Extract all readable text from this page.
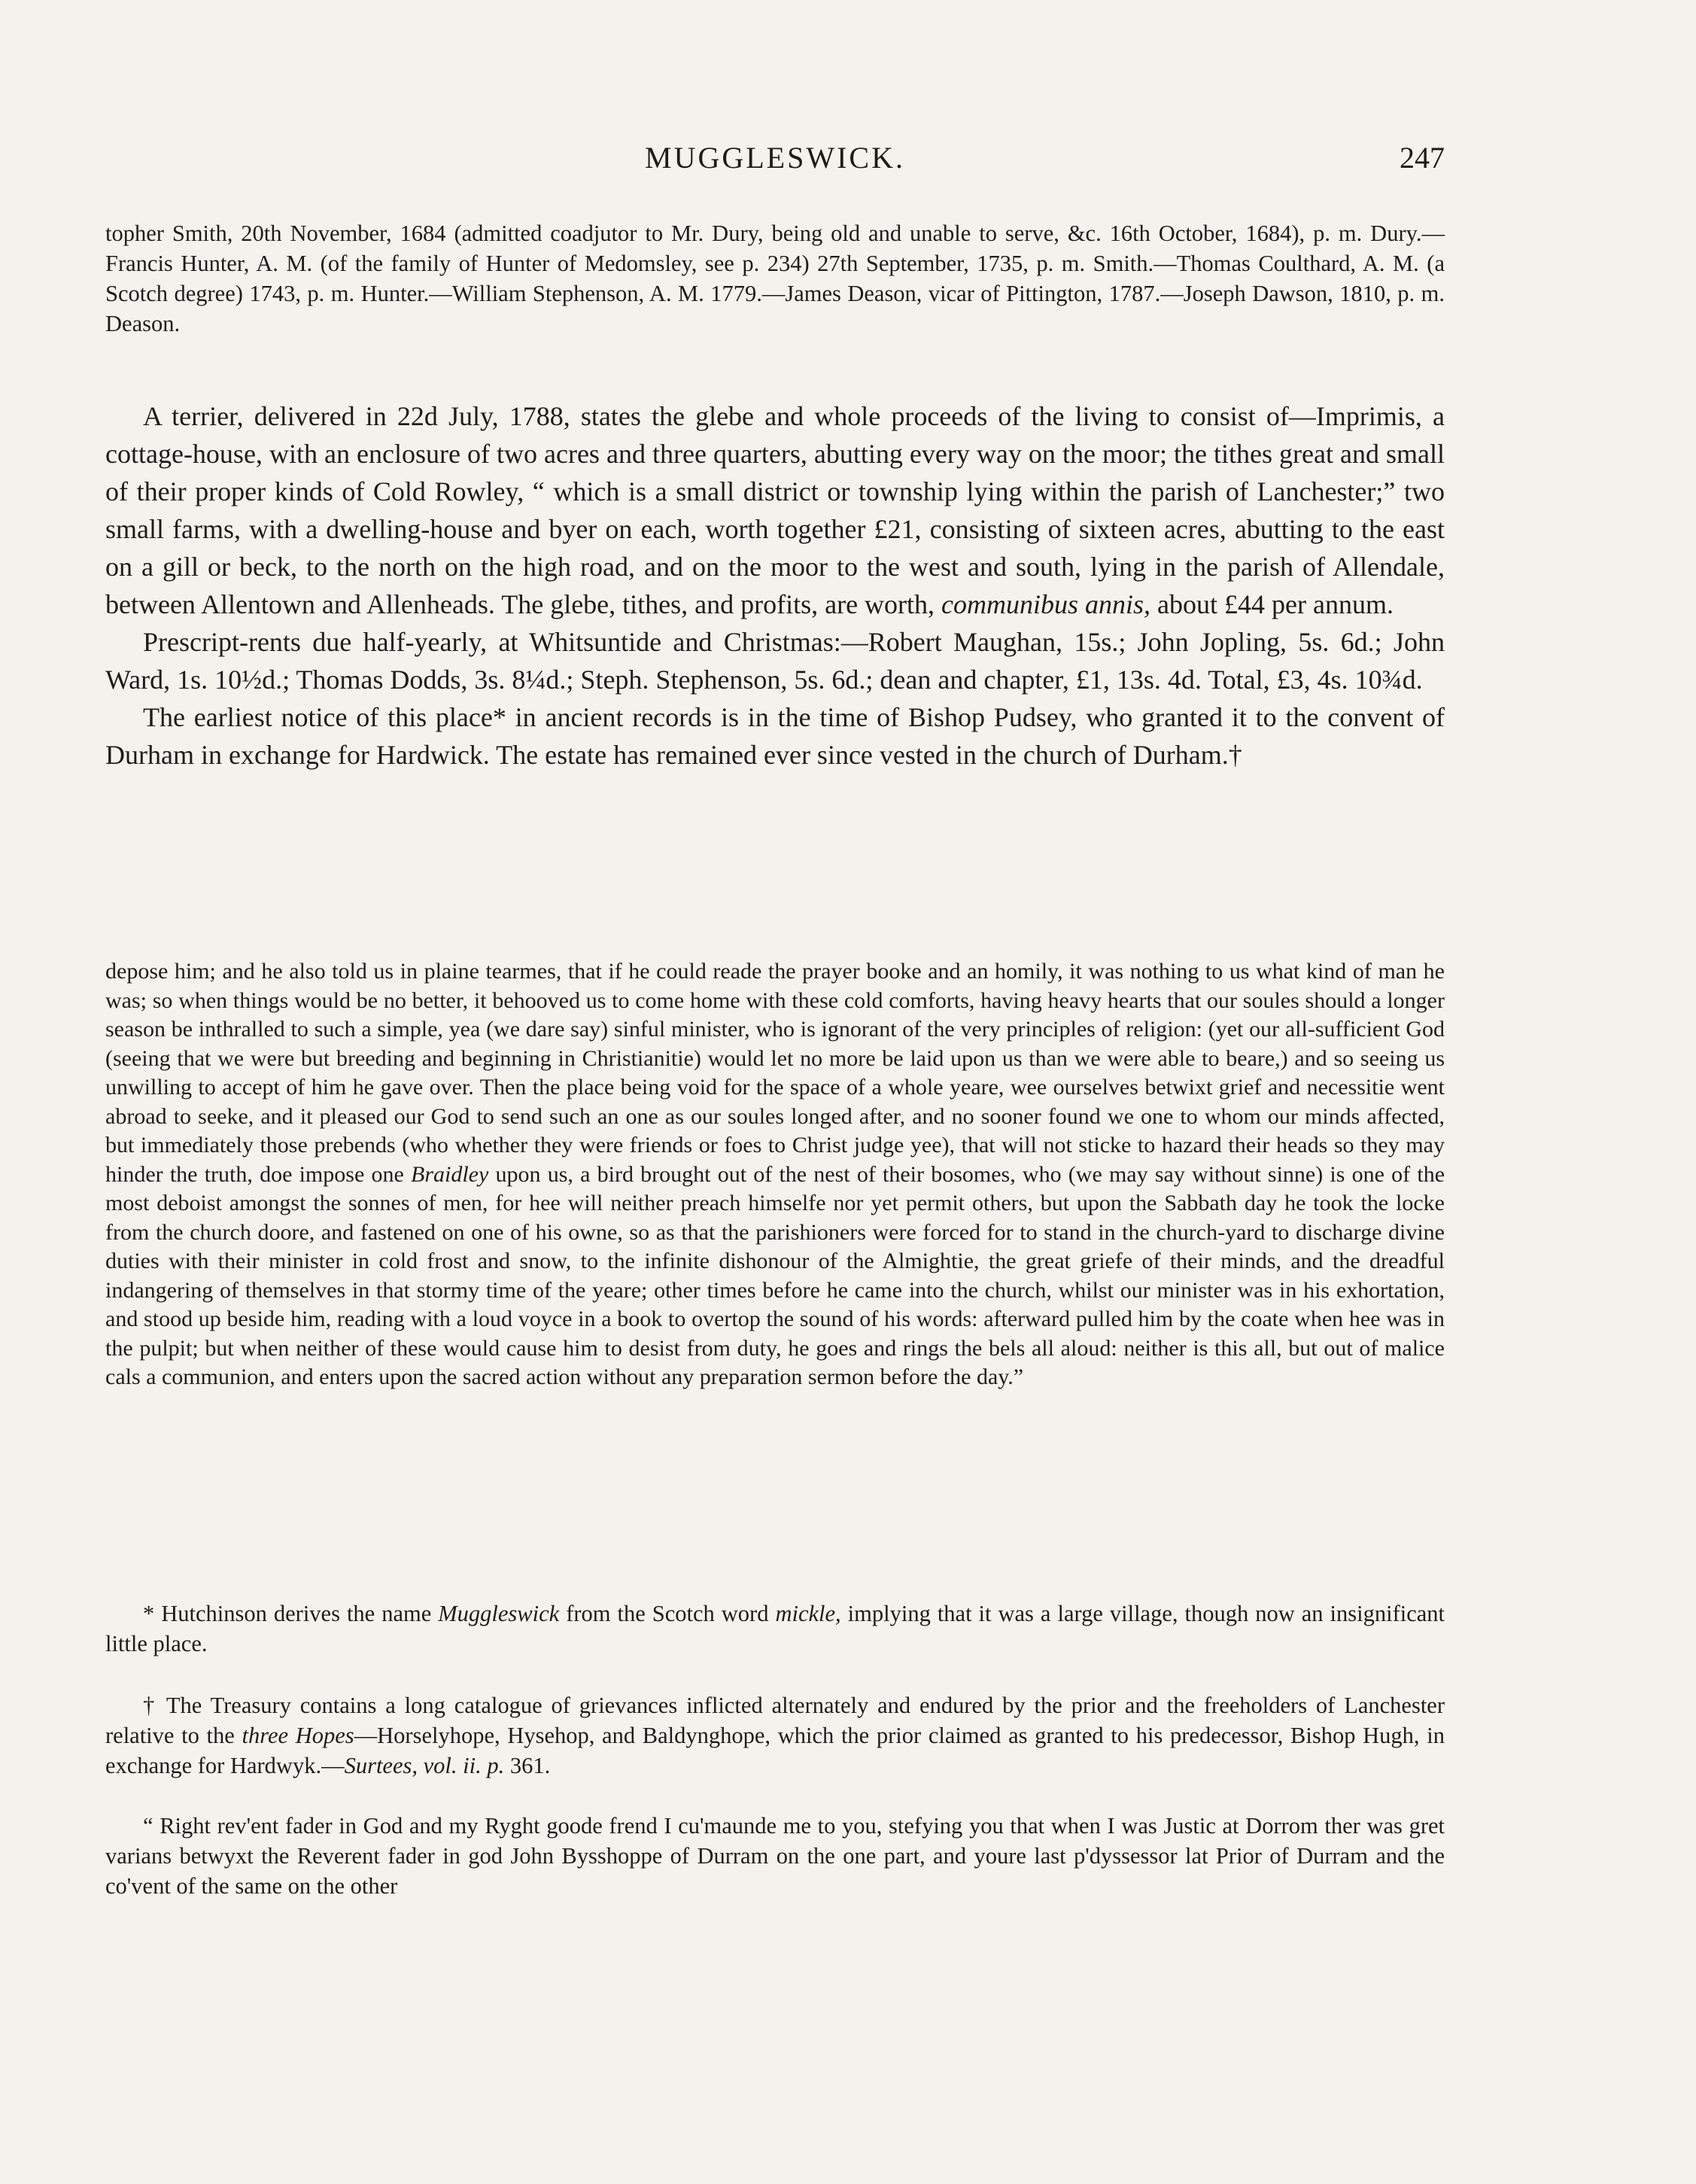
MUGGLESWICK.	247

topher Smith, 20th November, 1684 (admitted coadjutor to Mr. Dury, being old and unable to serve, &c. 16th October, 1684), p. m. Dury.—Francis Hunter, A. M. (of the family of Hunter of Medomsley, see p. 234) 27th September, 1735, p. m. Smith.—Thomas Coulthard, A. M. (a Scotch degree) 1743, p. m. Hunter.—William Stephenson, A. M. 1779.—James Deason, vicar of Pittington, 1787.—Joseph Dawson, 1810, p. m. Deason.

A terrier, delivered in 22d July, 1788, states the glebe and whole proceeds of the living to consist of—Imprimis, a cottage-house, with an enclosure of two acres and three quarters, abutting every way on the moor; the tithes great and small of their proper kinds of Cold Rowley, “ which is a small district or township lying within the parish of Lanchester;” two small farms, with a dwelling-house and byer on each, worth together £21, consisting of sixteen acres, abutting to the east on a gill or beck, to the north on the high road, and on the moor to the west and south, lying in the parish of Allendale, between Allentown and Allenheads. The glebe, tithes, and profits, are worth, communibus annis, about £44 per annum.

Prescript-rents due half-yearly, at Whitsuntide and Christmas:—Robert Maughan, 15s.; John Jopling, 5s. 6d.; John Ward, 1s. 10½d.; Thomas Dodds, 3s. 8¼d.; Steph. Stephenson, 5s. 6d.; dean and chapter, £1, 13s. 4d. Total, £3, 4s. 10¾d.

The earliest notice of this place* in ancient records is in the time of Bishop Pudsey, who granted it to the convent of Durham in exchange for Hardwick. The estate has remained ever since vested in the church of Durham.†

depose him; and he also told us in plaine tearmes, that if he could reade the prayer booke and an homily, it was nothing to us what kind of man he was; so when things would be no better, it behooved us to come home with these cold comforts, having heavy hearts that our soules should a longer season be inthralled to such a simple, yea (we dare say) sinful minister, who is ignorant of the very principles of religion: (yet our all-sufficient God (seeing that we were but breeding and beginning in Christianitie) would let no more be laid upon us than we were able to beare,) and so seeing us unwilling to accept of him he gave over. Then the place being void for the space of a whole yeare, wee ourselves betwixt grief and necessitie went abroad to seeke, and it pleased our God to send such an one as our soules longed after, and no sooner found we one to whom our minds affected, but immediately those prebends (who whether they were friends or foes to Christ judge yee), that will not sticke to hazard their heads so they may hinder the truth, doe impose one Braidley upon us, a bird brought out of the nest of their bosomes, who (we may say without sinne) is one of the most deboist amongst the sonnes of men, for hee will neither preach himselfe nor yet permit others, but upon the Sabbath day he took the locke from the church doore, and fastened on one of his owne, so as that the parishioners were forced for to stand in the church-yard to discharge divine duties with their minister in cold frost and snow, to the infinite dishonour of the Almightie, the great griefe of their minds, and the dreadful indangering of themselves in that stormy time of the yeare; other times before he came into the church, whilst our minister was in his exhortation, and stood up beside him, reading with a loud voyce in a book to overtop the sound of his words: afterward pulled him by the coate when hee was in the pulpit; but when neither of these would cause him to desist from duty, he goes and rings the bels all aloud: neither is this all, but out of malice cals a communion, and enters upon the sacred action without any preparation sermon before the day.”

* Hutchinson derives the name Muggleswick from the Scotch word mickle, implying that it was a large village, though now an insignificant little place.

† The Treasury contains a long catalogue of grievances inflicted alternately and endured by the prior and the freeholders of Lanchester relative to the three Hopes—Horselyhope, Hysehop, and Baldynghope, which the prior claimed as granted to his predecessor, Bishop Hugh, in exchange for Hardwyk.—Surtees, vol. ii. p. 361.

“ Right rev'ent fader in God and my Ryght goode frend I cu'maunde me to you, stefying you that when I was Justic at Dorrom ther was gret varians betwyxt the Reverent fader in god John Bysshoppe of Durram on the one part, and youre last p'dyssessor lat Prior of Durram and the co'vent of the same on the other
